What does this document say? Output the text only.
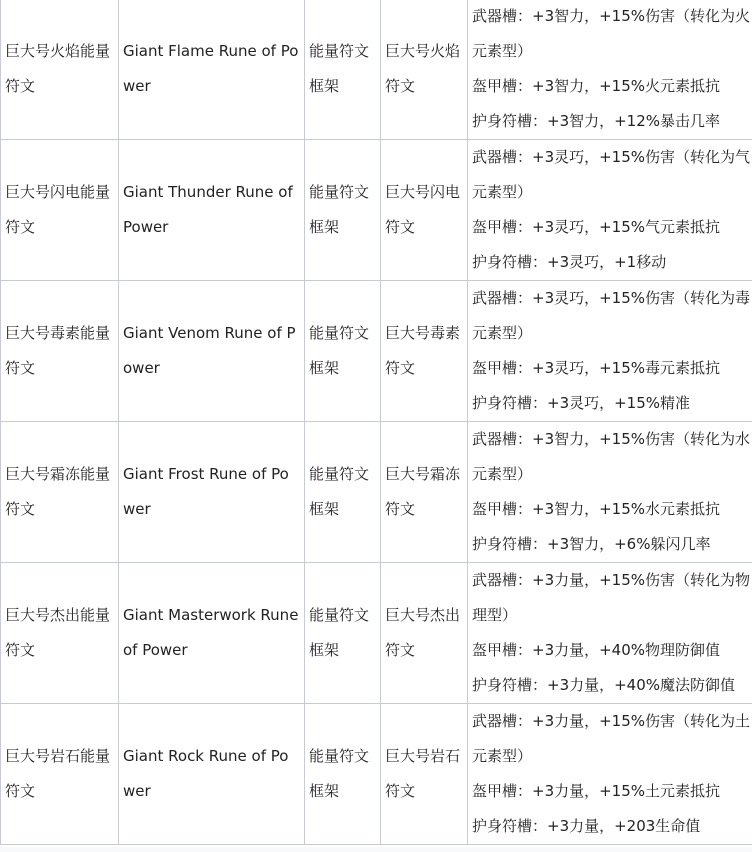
巨大号火焰能量符文	Giant Flame Rune of Power	能量符文框架	巨大号火焰符文	武器槽：+3智力，+15%伤害（转化为火元素型）
盔甲槽：+3智力，+15%火元素抵抗
护身符槽：+3智力，+12%暴击几率

巨大号闪电能量符文	Giant Thunder Rune of Power	能量符文框架	巨大号闪电符文	武器槽：+3灵巧，+15%伤害（转化为气元素型）
盔甲槽：+3灵巧，+15%气元素抵抗
护身符槽：+3灵巧，+1移动

巨大号毒素能量符文	Giant Venom Rune of Power	能量符文框架	巨大号毒素符文	武器槽：+3灵巧，+15%伤害（转化为毒元素型）
盔甲槽：+3灵巧，+15%毒元素抵抗
护身符槽：+3灵巧，+15%精准

巨大号霜冻能量符文	Giant Frost Rune of Power	能量符文框架	巨大号霜冻符文	武器槽：+3智力，+15%伤害（转化为水元素型）
盔甲槽：+3智力，+15%水元素抵抗
护身符槽：+3智力，+6%躲闪几率

巨大号杰出能量符文	Giant Masterwork Rune of Power	能量符文框架	巨大号杰出符文	武器槽：+3力量，+15%伤害（转化为物理型）
盔甲槽：+3力量，+40%物理防御值
护身符槽：+3力量，+40%魔法防御值

巨大号岩石能量符文	Giant Rock Rune of Power	能量符文框架	巨大号岩石符文	武器槽：+3力量，+15%伤害（转化为土元素型）
盔甲槽：+3力量，+15%土元素抵抗
护身符槽：+3力量，+203生命值
